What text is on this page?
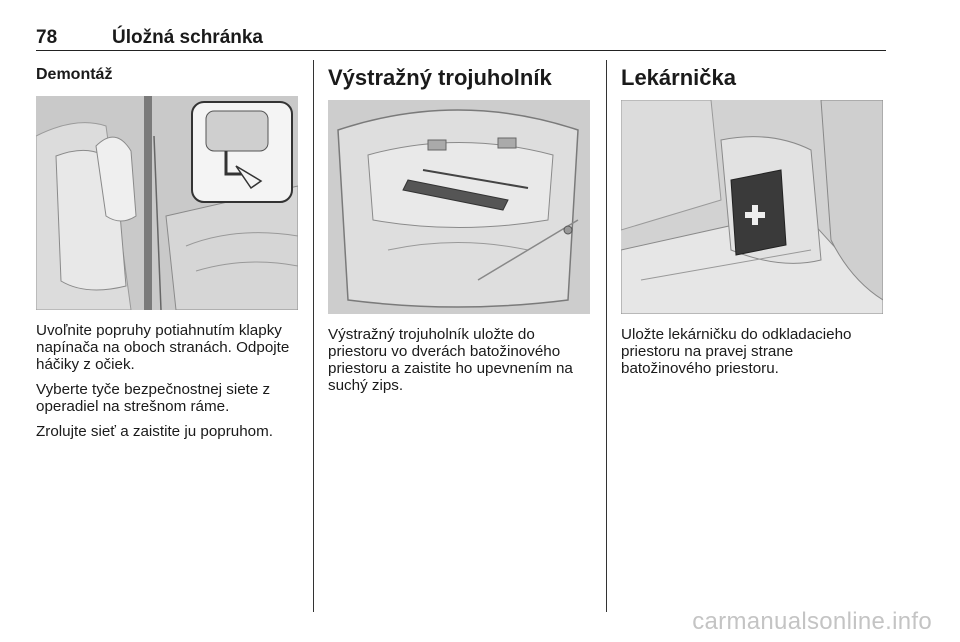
78	Úložná schránka
Demontáž

Uvoľnite popruhy potiahnutím klapky napínača na oboch stranách. Odpojte háčiky z očiek.

Vyberte tyče bezpečnostnej siete z operadiel na strešnom ráme.

Zrolujte sieť a zaistite ju popruhom.

Výstražný trojuholník

Výstražný trojuholník uložte do priestoru vo dverách batožinového priestoru a zaistite ho upevnením na suchý zips.

Lekárnička

Uložte lekárničku do odkladacieho priestoru na pravej strane batožinového priestoru.

carmanualsonline.info
